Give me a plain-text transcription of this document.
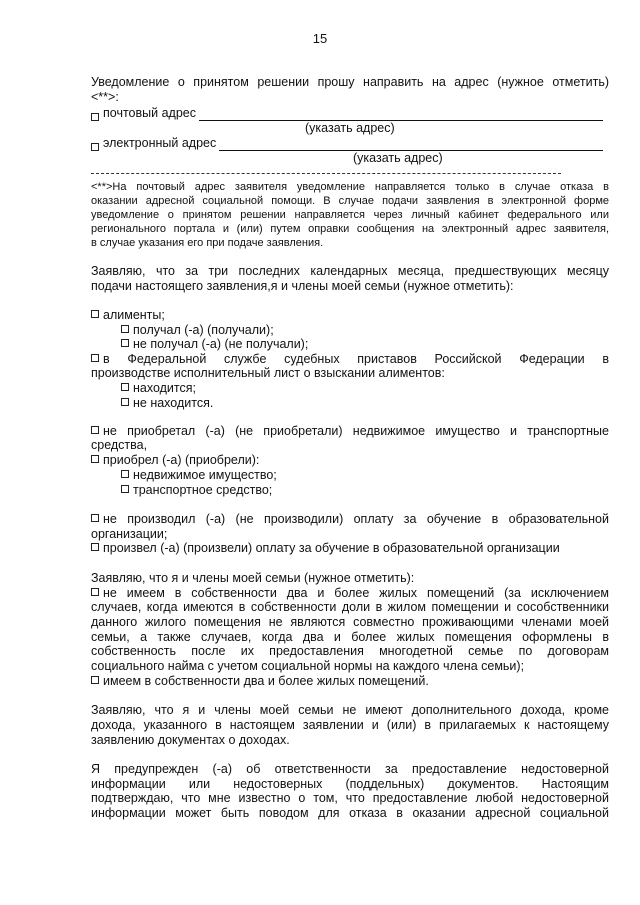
15
Уведомление о принятом решении прошу направить на адрес (нужное отметить)
<**>:
почтовый адрес
(указать адрес)
электронный адрес
(указать адрес)
<**>На почтовый адрес заявителя уведомление направляется только в случае отказа в
оказании адресной социальной помощи. В случае подачи заявления в электронной форме
уведомление о принятом решении направляется через личный кабинет федерального или
регионального портала и (или) путем оправки сообщения на электронный адрес заявителя,
в случае указания его при подаче заявления.
Заявляю, что за три последних календарных месяца, предшествующих месяцу
подачи настоящего заявления,я и члены моей семьи (нужное отметить):
алименты;
получал (-а) (получали);
не получал (-а) (не получали);
в Федеральной службе судебных приставов Российской Федерации в
производстве исполнительный лист о взыскании алиментов:
находится;
не находится.
не приобретал (-а) (не приобретали) недвижимое имущество и транспортные
средства,
приобрел (-а) (приобрели):
недвижимое имущество;
транспортное средство;
не производил (-а) (не производили) оплату за обучение в образовательной
организации;
произвел (-а) (произвели) оплату за обучение в образовательной организации
Заявляю, что я и члены моей семьи (нужное отметить):
не имеем в собственности два и более жилых помещений (за исключением
случаев, когда имеются в собственности доли в жилом помещении и сособственники
данного жилого помещения не являются совместно проживающими членами моей
семьи, а также случаев, когда два и более жилых помещения оформлены в
собственность после их предоставления многодетной семье по договорам
социального найма с учетом социальной нормы на каждого члена семьи);
имеем в собственности два и более жилых помещений.
Заявляю, что я и члены моей семьи не имеют дополнительного дохода, кроме
дохода, указанного в настоящем заявлении и (или) в прилагаемых к настоящему
заявлению документах о доходах.
Я предупрежден (-а) об ответственности за предоставление недостоверной
информации или недостоверных (поддельных) документов. Настоящим
подтверждаю, что мне известно о том, что предоставление любой недостоверной
информации может быть поводом для отказа в оказании адресной социальной
